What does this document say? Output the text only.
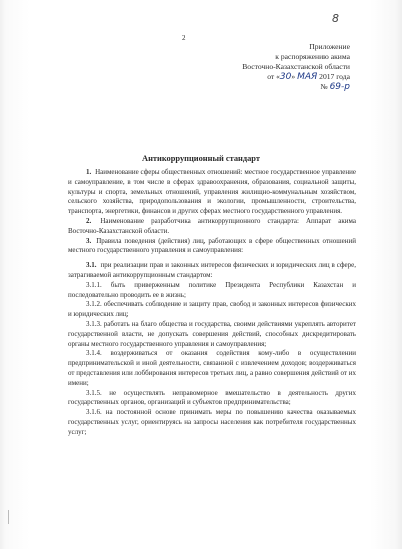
8
2
Приложение
к распоряжению акима
Восточно-Казахстанской области
от «30» МАЯ 2017 года
№ 69-р
Антикоррупционный стандарт

1. Наименование сферы общественных отношений: местное государственное управление и самоуправление, в том числе в сферах здравоохранения, образования, социальной защиты, культуры и спорта, земельных отношений, управления жилищно-коммунальным хозяйством, сельского хозяйства, природопользования и экологии, промышленности, строительства, транспорта, энергетики, финансов и других сферах местного государственного управления.

2. Наименование разработчика антикоррупционного стандарта: Аппарат акима Восточно-Казахстанской области.

3. Правила поведения (действия) лиц, работающих в сфере общественных отношений местного государственного управления и самоуправления:

3.1. при реализации прав и законных интересов физических и юридических лиц в сфере, затрагиваемой антикоррупционным стандартом:

3.1.1. быть приверженным политике Президента Республики Казахстан и последовательно проводить ее в жизнь;

3.1.2. обеспечивать соблюдение и защиту прав, свобод и законных интересов физических и юридических лиц;

3.1.3. работать на благо общества и государства, своими действиями укреплять авторитет государственной власти, не допускать совершения действий, способных дискредитировать органы местного государственного управления и самоуправления;

3.1.4. воздерживаться от оказания содействия кому-либо в осуществлении предпринимательской и иной деятельности, связанной с извлечением доходов; воздерживаться от представления или лоббирования интересов третьих лиц, а равно совершения действий от их имени;

3.1.5. не осуществлять неправомерное вмешательство в деятельность других государственных органов, организаций и субъектов предпринимательства;

3.1.6. на постоянной основе принимать меры по повышению качества оказываемых государственных услуг, ориентируясь на запросы населения как потребителя государственных услуг;
